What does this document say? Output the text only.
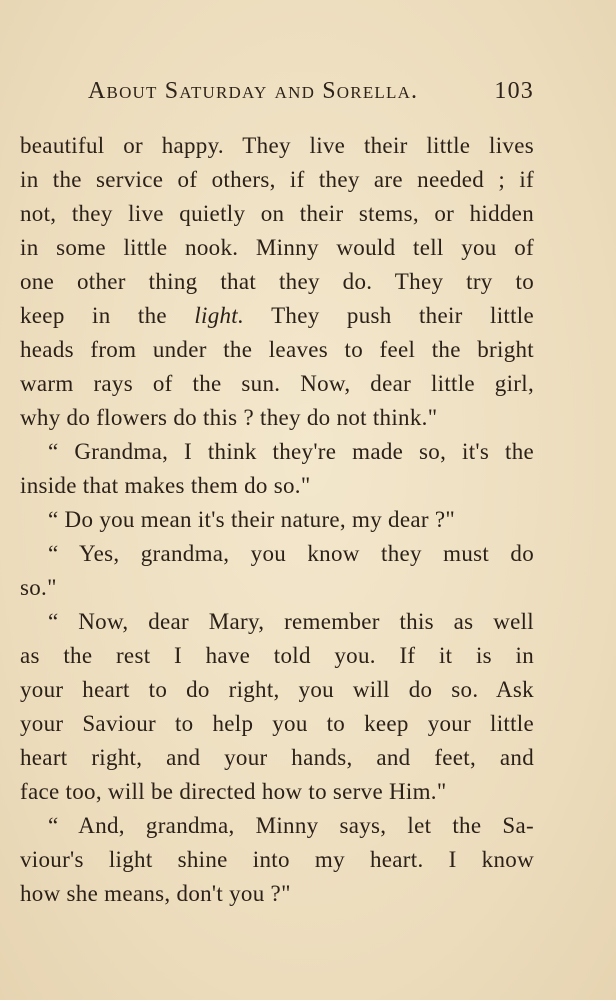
About Saturday and Sorella.	103
beautiful or happy. They live their little lives
in the service of others, if they are needed ; if
not, they live quietly on their stems, or hidden
in some little nook. Minny would tell you of
one other thing that they do. They try to
keep in the light. They push their little
heads from under the leaves to feel the bright
warm rays of the sun. Now, dear little girl,
why do flowers do this ? they do not think."
“ Grandma, I think they're made so, it's the
inside that makes them do so."
“ Do you mean it's their nature, my dear ?"
“ Yes, grandma, you know they must do
so."
“ Now, dear Mary, remember this as well
as the rest I have told you. If it is in
your heart to do right, you will do so. Ask
your Saviour to help you to keep your little
heart right, and your hands, and feet, and
face too, will be directed how to serve Him."
“ And, grandma, Minny says, let the Sa-
viour's light shine into my heart. I know
how she means, don't you ?"
